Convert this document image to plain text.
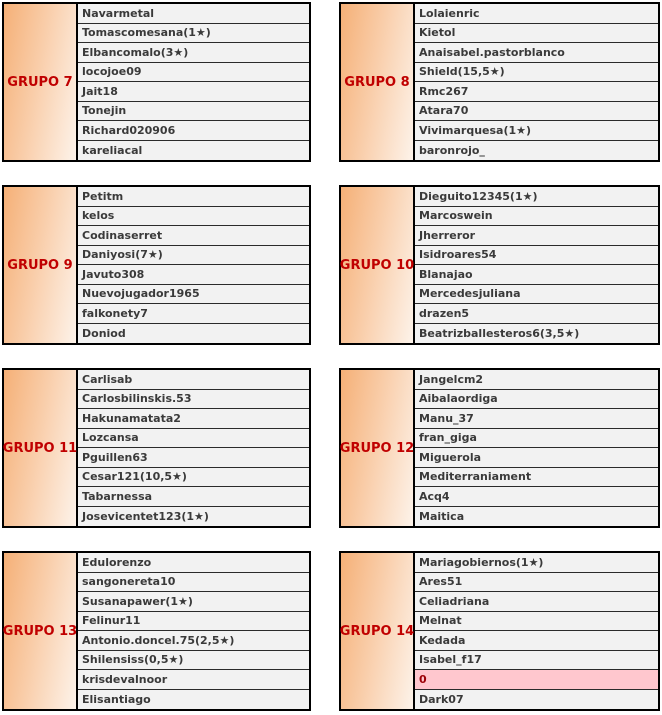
GRUPO 7
Navarmetal
Tomascomesana(1★)
Elbancomalo(3★)
locojoe09
Jait18
Tonejin
Richard020906
kareliacal
GRUPO 8
Lolaienric
Kietol
Anaisabel.pastorblanco
Shield(15,5★)
Rmc267
Atara70
Vivimarquesa(1★)
baronrojo_
GRUPO 9
Petitm
kelos
Codinaserret
Daniyosi(7★)
Javuto308
Nuevojugador1965
falkonety7
Doniod
GRUPO 10
Dieguito12345(1★)
Marcoswein
Jherreror
Isidroares54
Blanajao
Mercedesjuliana
drazen5
Beatrizballesteros6(3,5★)
GRUPO 11
Carlisab
Carlosbilinskis.53
Hakunamatata2
Lozcansa
Pguillen63
Cesar121(10,5★)
Tabarnessa
Josevicentet123(1★)
GRUPO 12
Jangelcm2
Aibalaordiga
Manu_37
fran_giga
Miguerola
Mediterraniament
Acq4
Maitica
GRUPO 13
Edulorenzo
sangonereta10
Susanapawer(1★)
Felinur11
Antonio.doncel.75(2,5★)
Shilensiss(0,5★)
krisdevalnoor
Elisantiago
GRUPO 14
Mariagobiernos(1★)
Ares51
Celiadriana
Melnat
Kedada
Isabel_f17
0
Dark07
